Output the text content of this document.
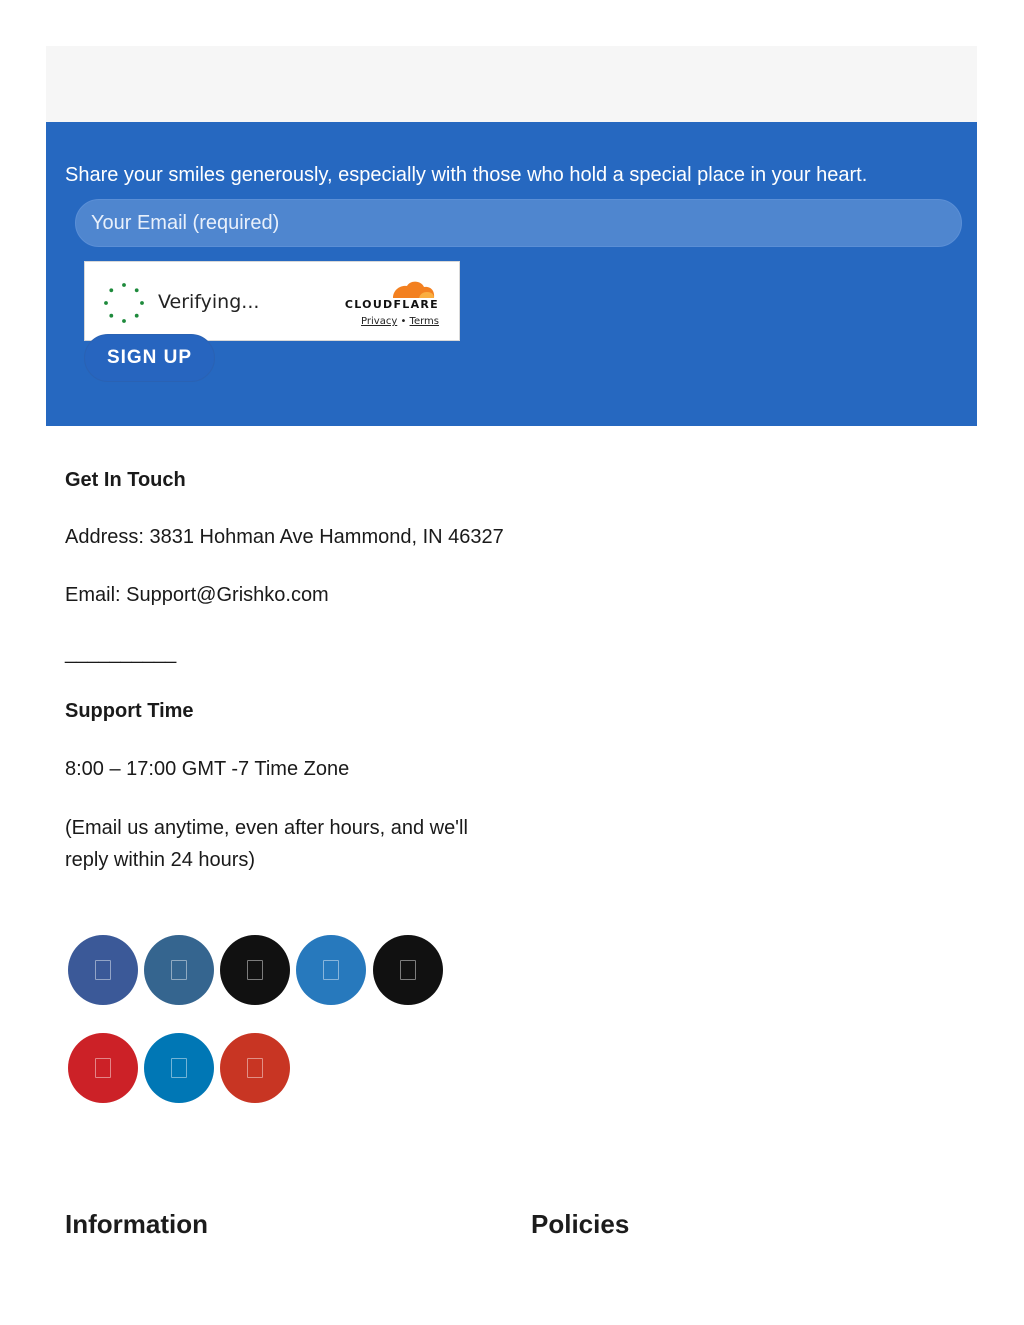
Share your smiles generously, especially with those who hold a special place in your heart.

Your Email (required)
Verifying...	CLOUDFLARE
Privacy • Terms
SIGN UP

Get In Touch

Address: 3831 Hohman Ave Hammond, IN 46327

Email: Support@Grishko.com

__________

Support Time

8:00 – 17:00 GMT -7 Time Zone

(Email us anytime, even after hours, and we'll reply within 24 hours)

Information	Policies
